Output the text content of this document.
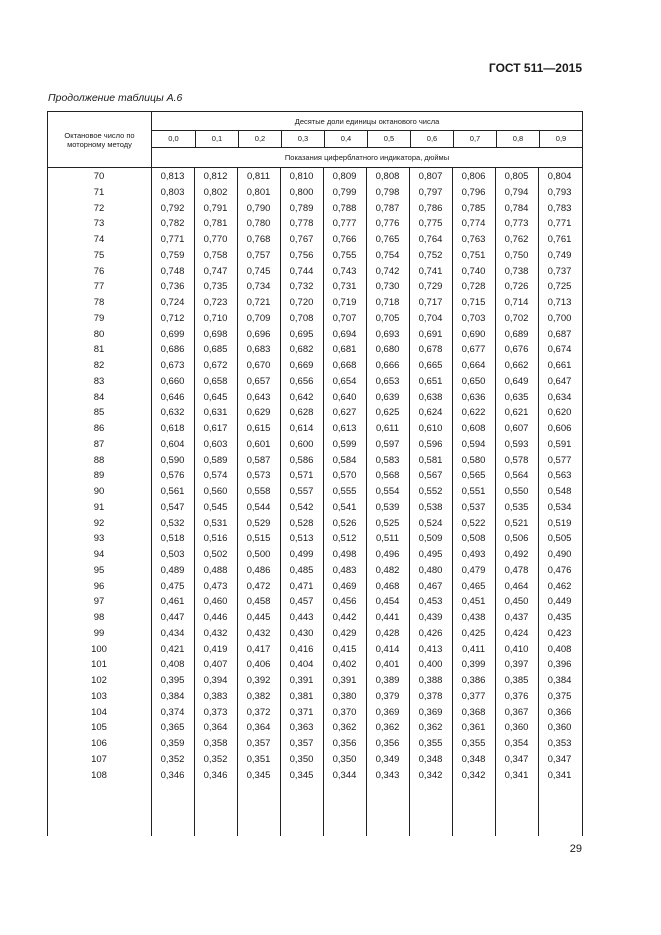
ГОСТ 511—2015
Продолжение таблицы А.6
Октановое число по моторному методу
Десятые доли единицы октанового числа
0,0	0,1	0,2	0,3	0,4	0,5	0,6	0,7	0,8	0,9
Показания циферблатного индикатора, дюймы
70	0,813	0,812	0,811	0,810	0,809	0,808	0,807	0,806	0,805	0,804
71	0,803	0,802	0,801	0,800	0,799	0,798	0,797	0,796	0,794	0,793
72	0,792	0,791	0,790	0,789	0,788	0,787	0,786	0,785	0,784	0,783
73	0,782	0,781	0,780	0,778	0,777	0,776	0,775	0,774	0,773	0,771
74	0,771	0,770	0,768	0,767	0,766	0,765	0,764	0,763	0,762	0,761
75	0,759	0,758	0,757	0,756	0,755	0,754	0,752	0,751	0,750	0,749
76	0,748	0,747	0,745	0,744	0,743	0,742	0,741	0,740	0,738	0,737
77	0,736	0,735	0,734	0,732	0,731	0,730	0,729	0,728	0,726	0,725
78	0,724	0,723	0,721	0,720	0,719	0,718	0,717	0,715	0,714	0,713
79	0,712	0,710	0,709	0,708	0,707	0,705	0,704	0,703	0,702	0,700
80	0,699	0,698	0,696	0,695	0,694	0,693	0,691	0,690	0,689	0,687
81	0,686	0,685	0,683	0,682	0,681	0,680	0,678	0,677	0,676	0,674
82	0,673	0,672	0,670	0,669	0,668	0,666	0,665	0,664	0,662	0,661
83	0,660	0,658	0,657	0,656	0,654	0,653	0,651	0,650	0,649	0,647
84	0,646	0,645	0,643	0,642	0,640	0,639	0,638	0,636	0,635	0,634
85	0,632	0,631	0,629	0,628	0,627	0,625	0,624	0,622	0,621	0,620
86	0,618	0,617	0,615	0,614	0,613	0,611	0,610	0,608	0,607	0,606
87	0,604	0,603	0,601	0,600	0,599	0,597	0,596	0,594	0,593	0,591
88	0,590	0,589	0,587	0,586	0,584	0,583	0,581	0,580	0,578	0,577
89	0,576	0,574	0,573	0,571	0,570	0,568	0,567	0,565	0,564	0,563
90	0,561	0,560	0,558	0,557	0,555	0,554	0,552	0,551	0,550	0,548
91	0,547	0,545	0,544	0,542	0,541	0,539	0,538	0,537	0,535	0,534
92	0,532	0,531	0,529	0,528	0,526	0,525	0,524	0,522	0,521	0,519
93	0,518	0,516	0,515	0,513	0,512	0,511	0,509	0,508	0,506	0,505
94	0,503	0,502	0,500	0,499	0,498	0,496	0,495	0,493	0,492	0,490
95	0,489	0,488	0,486	0,485	0,483	0,482	0,480	0,479	0,478	0,476
96	0,475	0,473	0,472	0,471	0,469	0,468	0,467	0,465	0,464	0,462
97	0,461	0,460	0,458	0,457	0,456	0,454	0,453	0,451	0,450	0,449
98	0,447	0,446	0,445	0,443	0,442	0,441	0,439	0,438	0,437	0,435
99	0,434	0,432	0,432	0,430	0,429	0,428	0,426	0,425	0,424	0,423
100	0,421	0,419	0,417	0,416	0,415	0,414	0,413	0,411	0,410	0,408
101	0,408	0,407	0,406	0,404	0,402	0,401	0,400	0,399	0,397	0,396
102	0,395	0,394	0,392	0,391	0,391	0,389	0,388	0,386	0,385	0,384
103	0,384	0,383	0,382	0,381	0,380	0,379	0,378	0,377	0,376	0,375
104	0,374	0,373	0,372	0,371	0,370	0,369	0,369	0,368	0,367	0,366
105	0,365	0,364	0,364	0,363	0,362	0,362	0,362	0,361	0,360	0,360
106	0,359	0,358	0,357	0,357	0,356	0,356	0,355	0,355	0,354	0,353
107	0,352	0,352	0,351	0,350	0,350	0,349	0,348	0,348	0,347	0,347
108	0,346	0,346	0,345	0,345	0,344	0,343	0,342	0,342	0,341	0,341
29
